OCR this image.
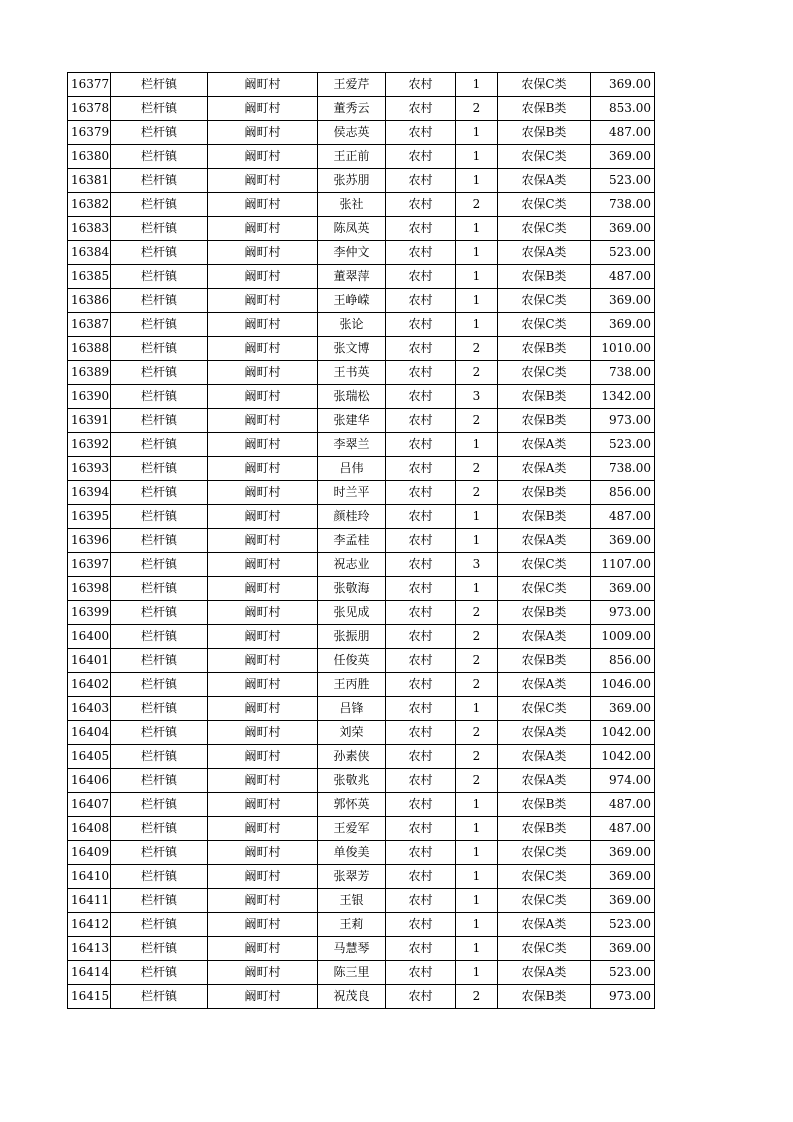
16377	栏杆镇	阚町村	王爱芹	农村	1	农保C类	369.00
16378	栏杆镇	阚町村	董秀云	农村	2	农保B类	853.00
16379	栏杆镇	阚町村	侯志英	农村	1	农保B类	487.00
16380	栏杆镇	阚町村	王正前	农村	1	农保C类	369.00
16381	栏杆镇	阚町村	张苏朋	农村	1	农保A类	523.00
16382	栏杆镇	阚町村	张社	农村	2	农保C类	738.00
16383	栏杆镇	阚町村	陈凤英	农村	1	农保C类	369.00
16384	栏杆镇	阚町村	李仲文	农村	1	农保A类	523.00
16385	栏杆镇	阚町村	董翠萍	农村	1	农保B类	487.00
16386	栏杆镇	阚町村	王峥嵘	农村	1	农保C类	369.00
16387	栏杆镇	阚町村	张论	农村	1	农保C类	369.00
16388	栏杆镇	阚町村	张文博	农村	2	农保B类	1010.00
16389	栏杆镇	阚町村	王书英	农村	2	农保C类	738.00
16390	栏杆镇	阚町村	张瑞松	农村	3	农保B类	1342.00
16391	栏杆镇	阚町村	张建华	农村	2	农保B类	973.00
16392	栏杆镇	阚町村	李翠兰	农村	1	农保A类	523.00
16393	栏杆镇	阚町村	吕伟	农村	2	农保A类	738.00
16394	栏杆镇	阚町村	时兰平	农村	2	农保B类	856.00
16395	栏杆镇	阚町村	颜桂玲	农村	1	农保B类	487.00
16396	栏杆镇	阚町村	李孟桂	农村	1	农保A类	369.00
16397	栏杆镇	阚町村	祝志业	农村	3	农保C类	1107.00
16398	栏杆镇	阚町村	张敬海	农村	1	农保C类	369.00
16399	栏杆镇	阚町村	张见成	农村	2	农保B类	973.00
16400	栏杆镇	阚町村	张振朋	农村	2	农保A类	1009.00
16401	栏杆镇	阚町村	任俊英	农村	2	农保B类	856.00
16402	栏杆镇	阚町村	王丙胜	农村	2	农保A类	1046.00
16403	栏杆镇	阚町村	吕锋	农村	1	农保C类	369.00
16404	栏杆镇	阚町村	刘荣	农村	2	农保A类	1042.00
16405	栏杆镇	阚町村	孙素侠	农村	2	农保A类	1042.00
16406	栏杆镇	阚町村	张敬兆	农村	2	农保A类	974.00
16407	栏杆镇	阚町村	郭怀英	农村	1	农保B类	487.00
16408	栏杆镇	阚町村	王爱军	农村	1	农保B类	487.00
16409	栏杆镇	阚町村	单俊美	农村	1	农保C类	369.00
16410	栏杆镇	阚町村	张翠芳	农村	1	农保C类	369.00
16411	栏杆镇	阚町村	王银	农村	1	农保C类	369.00
16412	栏杆镇	阚町村	王莉	农村	1	农保A类	523.00
16413	栏杆镇	阚町村	马慧琴	农村	1	农保C类	369.00
16414	栏杆镇	阚町村	陈三里	农村	1	农保A类	523.00
16415	栏杆镇	阚町村	祝茂良	农村	2	农保B类	973.00
